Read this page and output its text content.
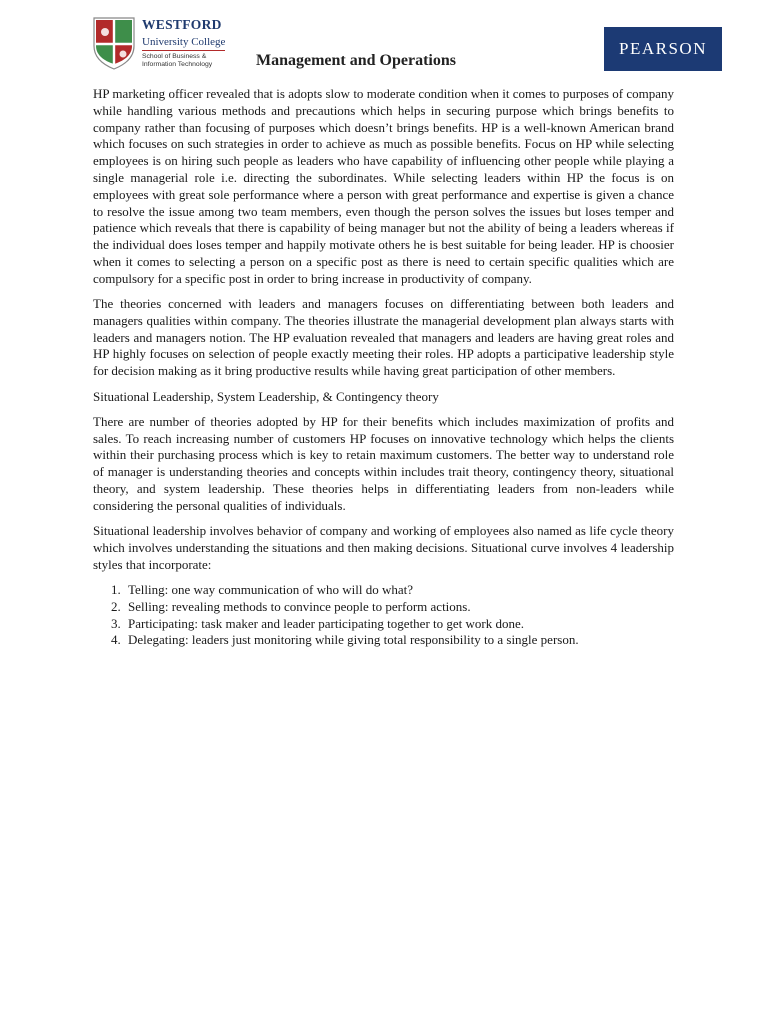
WESTFORD
University College
School of Business &
Information Technology	Management and Operations
PEARSON

HP marketing officer revealed that is adopts slow to moderate condition when it comes to purposes of company while handling various methods and precautions which helps in securing purpose which brings benefits to company rather than focusing of purposes which doesn’t brings benefits. HP is a well-known American brand which focuses on such strategies in order to achieve as much as possible benefits. Focus on HP while selecting employees is on hiring such people as leaders who have capability of influencing other people while playing a single managerial role i.e. directing the subordinates. While selecting leaders within HP the focus is on employees with great sole performance where a person with great performance and expertise is given a chance to resolve the issue among two team members, even though the person solves the issues but loses temper and patience which reveals that there is capability of being manager but not the ability of being a leaders whereas if the individual does loses temper and happily motivate others he is best suitable for being leader. HP is choosier when it comes to selecting a person on a specific post as there is need to certain specific qualities which are compulsory for a specific post in order to bring increase in productivity of company.

The theories concerned with leaders and managers focuses on differentiating between both leaders and managers qualities within company. The theories illustrate the managerial development plan always starts with leaders and managers notion. The HP evaluation revealed that managers and leaders are having great roles and HP highly focuses on selection of people exactly meeting their roles. HP adopts a participative leadership style for decision making as it bring productive results while having great participation of other members.

Situational Leadership, System Leadership, & Contingency theory

There are number of theories adopted by HP for their benefits which includes maximization of profits and sales. To reach increasing number of customers HP focuses on innovative technology which helps the clients within their purchasing process which is key to retain maximum customers. The better way to understand role of manager is understanding theories and concepts within includes trait theory, contingency theory, situational theory, and system leadership. These theories helps in differentiating leaders from non-leaders while considering the personal qualities of individuals.

Situational leadership involves behavior of company and working of employees also named as life cycle theory which involves understanding the situations and then making decisions. Situational curve involves 4 leadership styles that incorporate:

1. Telling: one way communication of who will do what?
2. Selling: revealing methods to convince people to perform actions.
3. Participating: task maker and leader participating together to get work done.
4. Delegating: leaders just monitoring while giving total responsibility to a single person.
